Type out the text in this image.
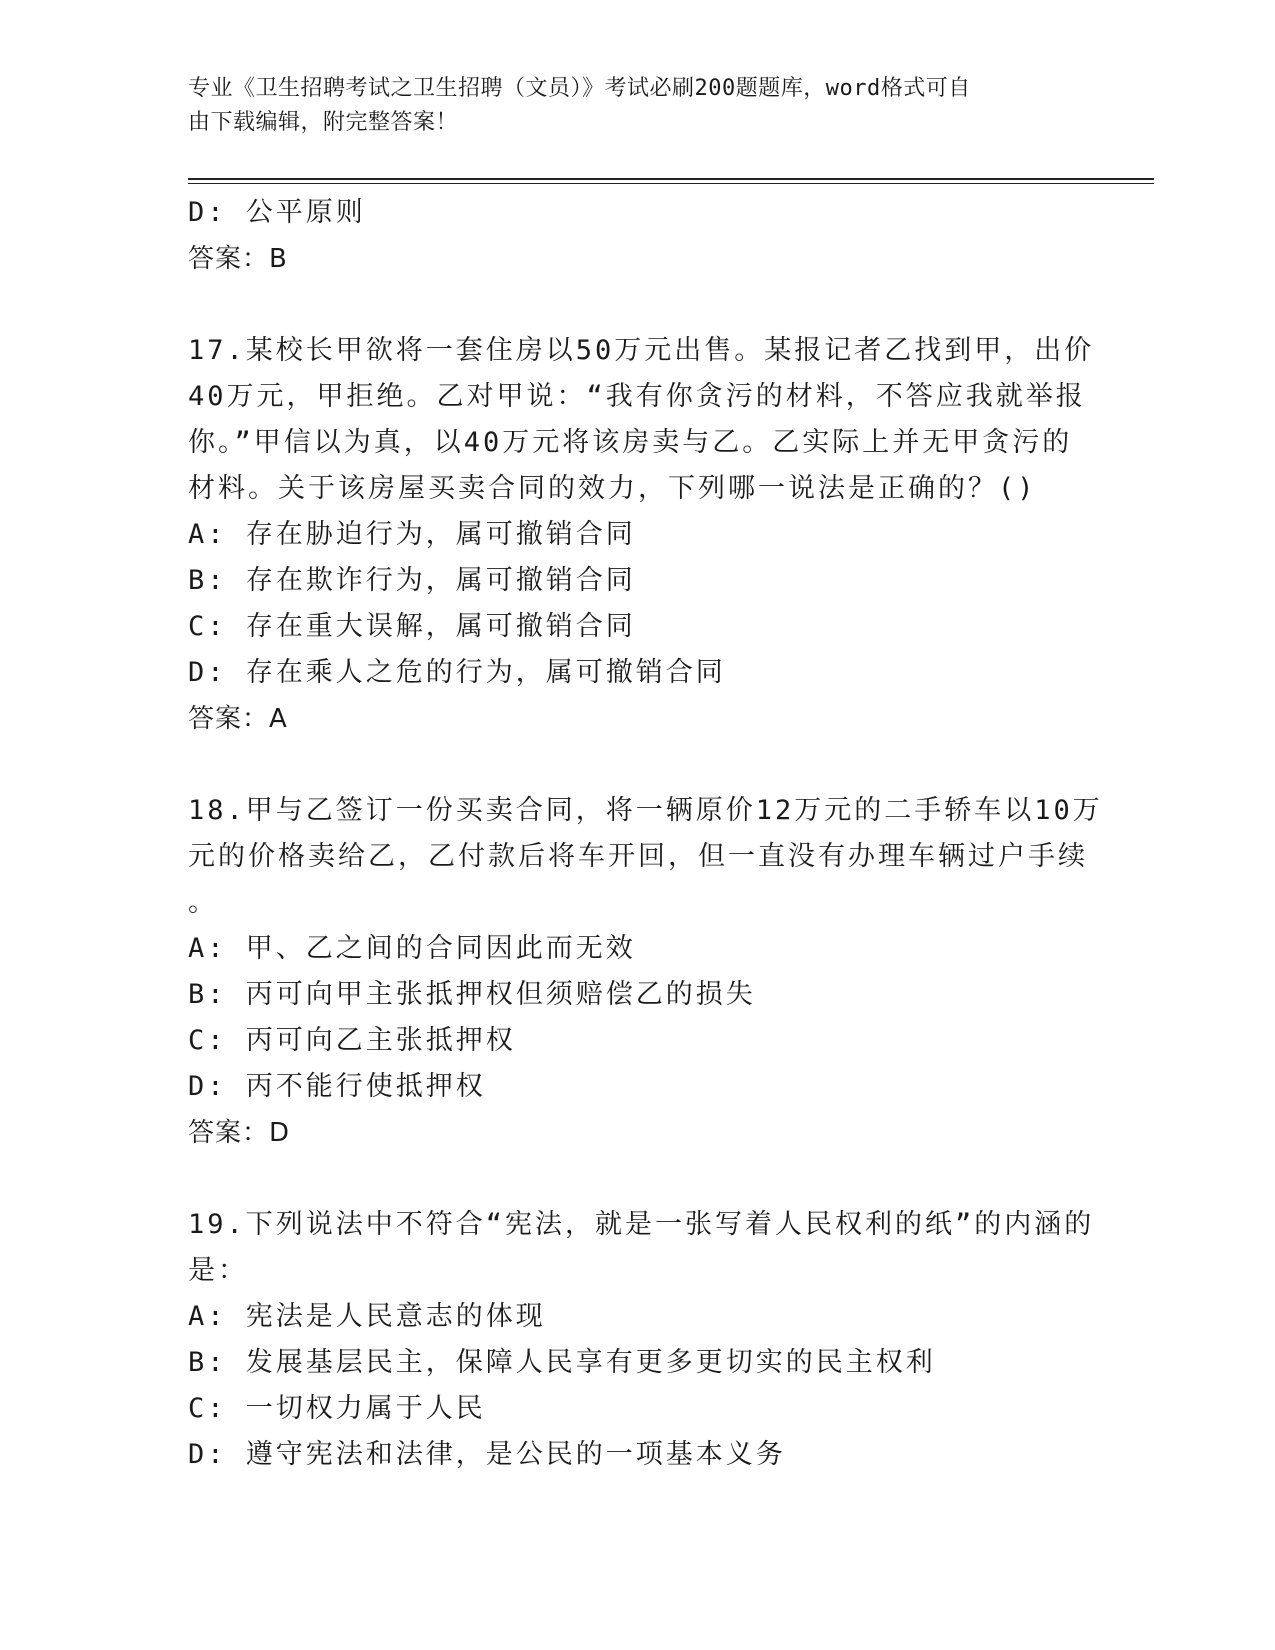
专业《卫生招聘考试之卫生招聘（文员）》考试必刷200题题库，word格式可自
由下载编辑，附完整答案！
D: 公平原则
答案：B
17.某校长甲欲将一套住房以50万元出售。某报记者乙找到甲，出价
40万元，甲拒绝。乙对甲说：“我有你贪污的材料，不答应我就举报
你。”甲信以为真，以40万元将该房卖与乙。乙实际上并无甲贪污的
材料。关于该房屋买卖合同的效力，下列哪一说法是正确的？()
A: 存在胁迫行为，属可撤销合同
B: 存在欺诈行为，属可撤销合同
C: 存在重大误解，属可撤销合同
D: 存在乘人之危的行为，属可撤销合同
答案：A
18.甲与乙签订一份买卖合同，将一辆原价12万元的二手轿车以10万
元的价格卖给乙，乙付款后将车开回，但一直没有办理车辆过户手续
。
A: 甲、乙之间的合同因此而无效
B: 丙可向甲主张抵押权但须赔偿乙的损失
C: 丙可向乙主张抵押权
D: 丙不能行使抵押权
答案：D
19.下列说法中不符合“宪法，就是一张写着人民权利的纸”的内涵的
是：
A: 宪法是人民意志的体现
B: 发展基层民主，保障人民享有更多更切实的民主权利
C: 一切权力属于人民
D: 遵守宪法和法律，是公民的一项基本义务
